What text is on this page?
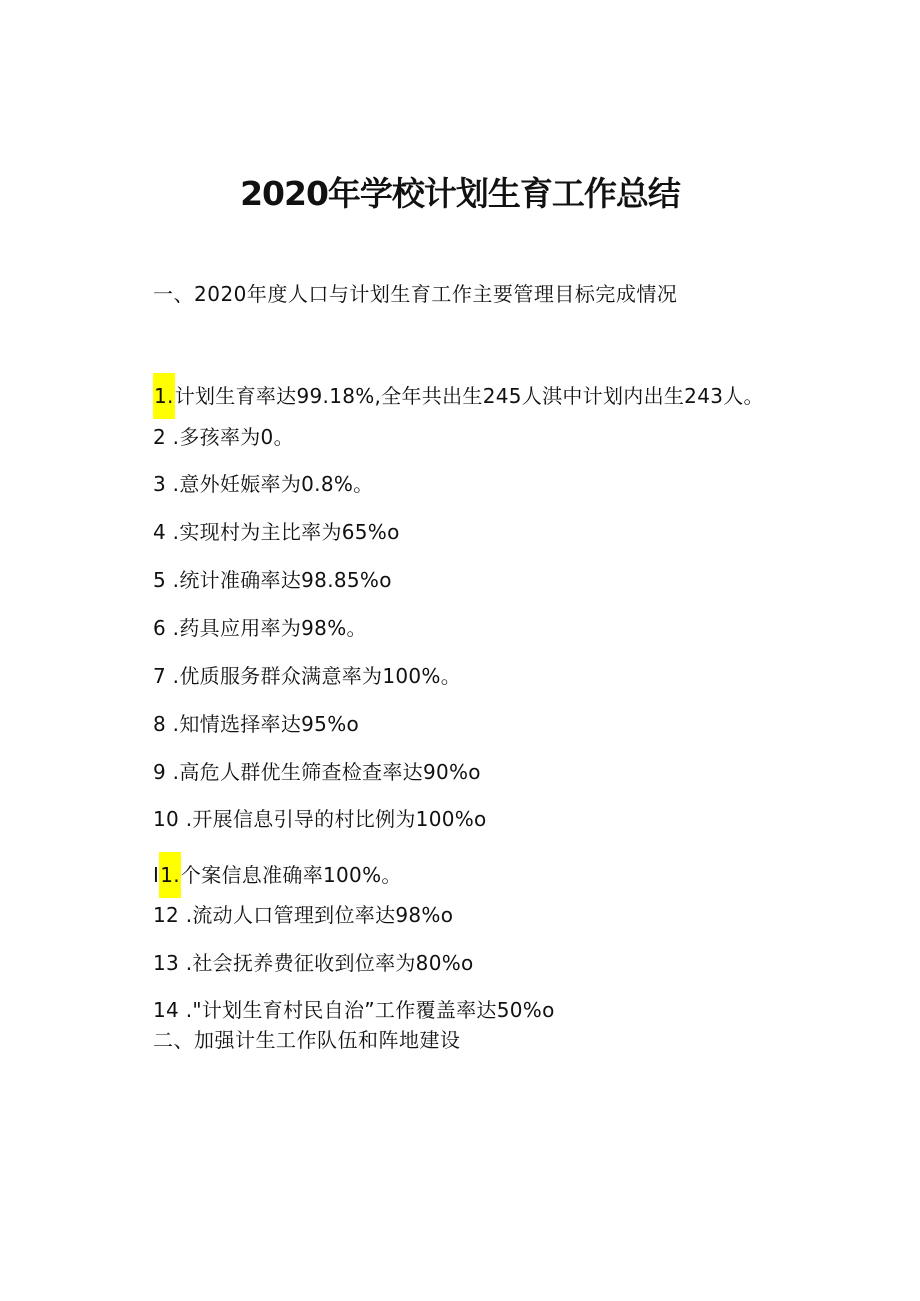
2020年学校计划生育工作总结
一、2020年度人口与计划生育工作主要管理目标完成情况
1.计划生育率达99.18%,全年共出生245人淇中计划内出生243人。
2 .多孩率为0。
3 .意外妊娠率为0.8%。
4 .实现村为主比率为65%o
5 .统计准确率达98.85%o
6 .药具应用率为98%。
7 .优质服务群众满意率为100%。
8 .知情选择率达95%o
9 .高危人群优生筛查检查率达90%o
10 .开展信息引导的村比例为100%o
I1.个案信息准确率100%。
12 .流动人口管理到位率达98%o
13 .社会抚养费征收到位率为80%o
14 ."计划生育村民自治”工作覆盖率达50%o
二、加强计生工作队伍和阵地建设
